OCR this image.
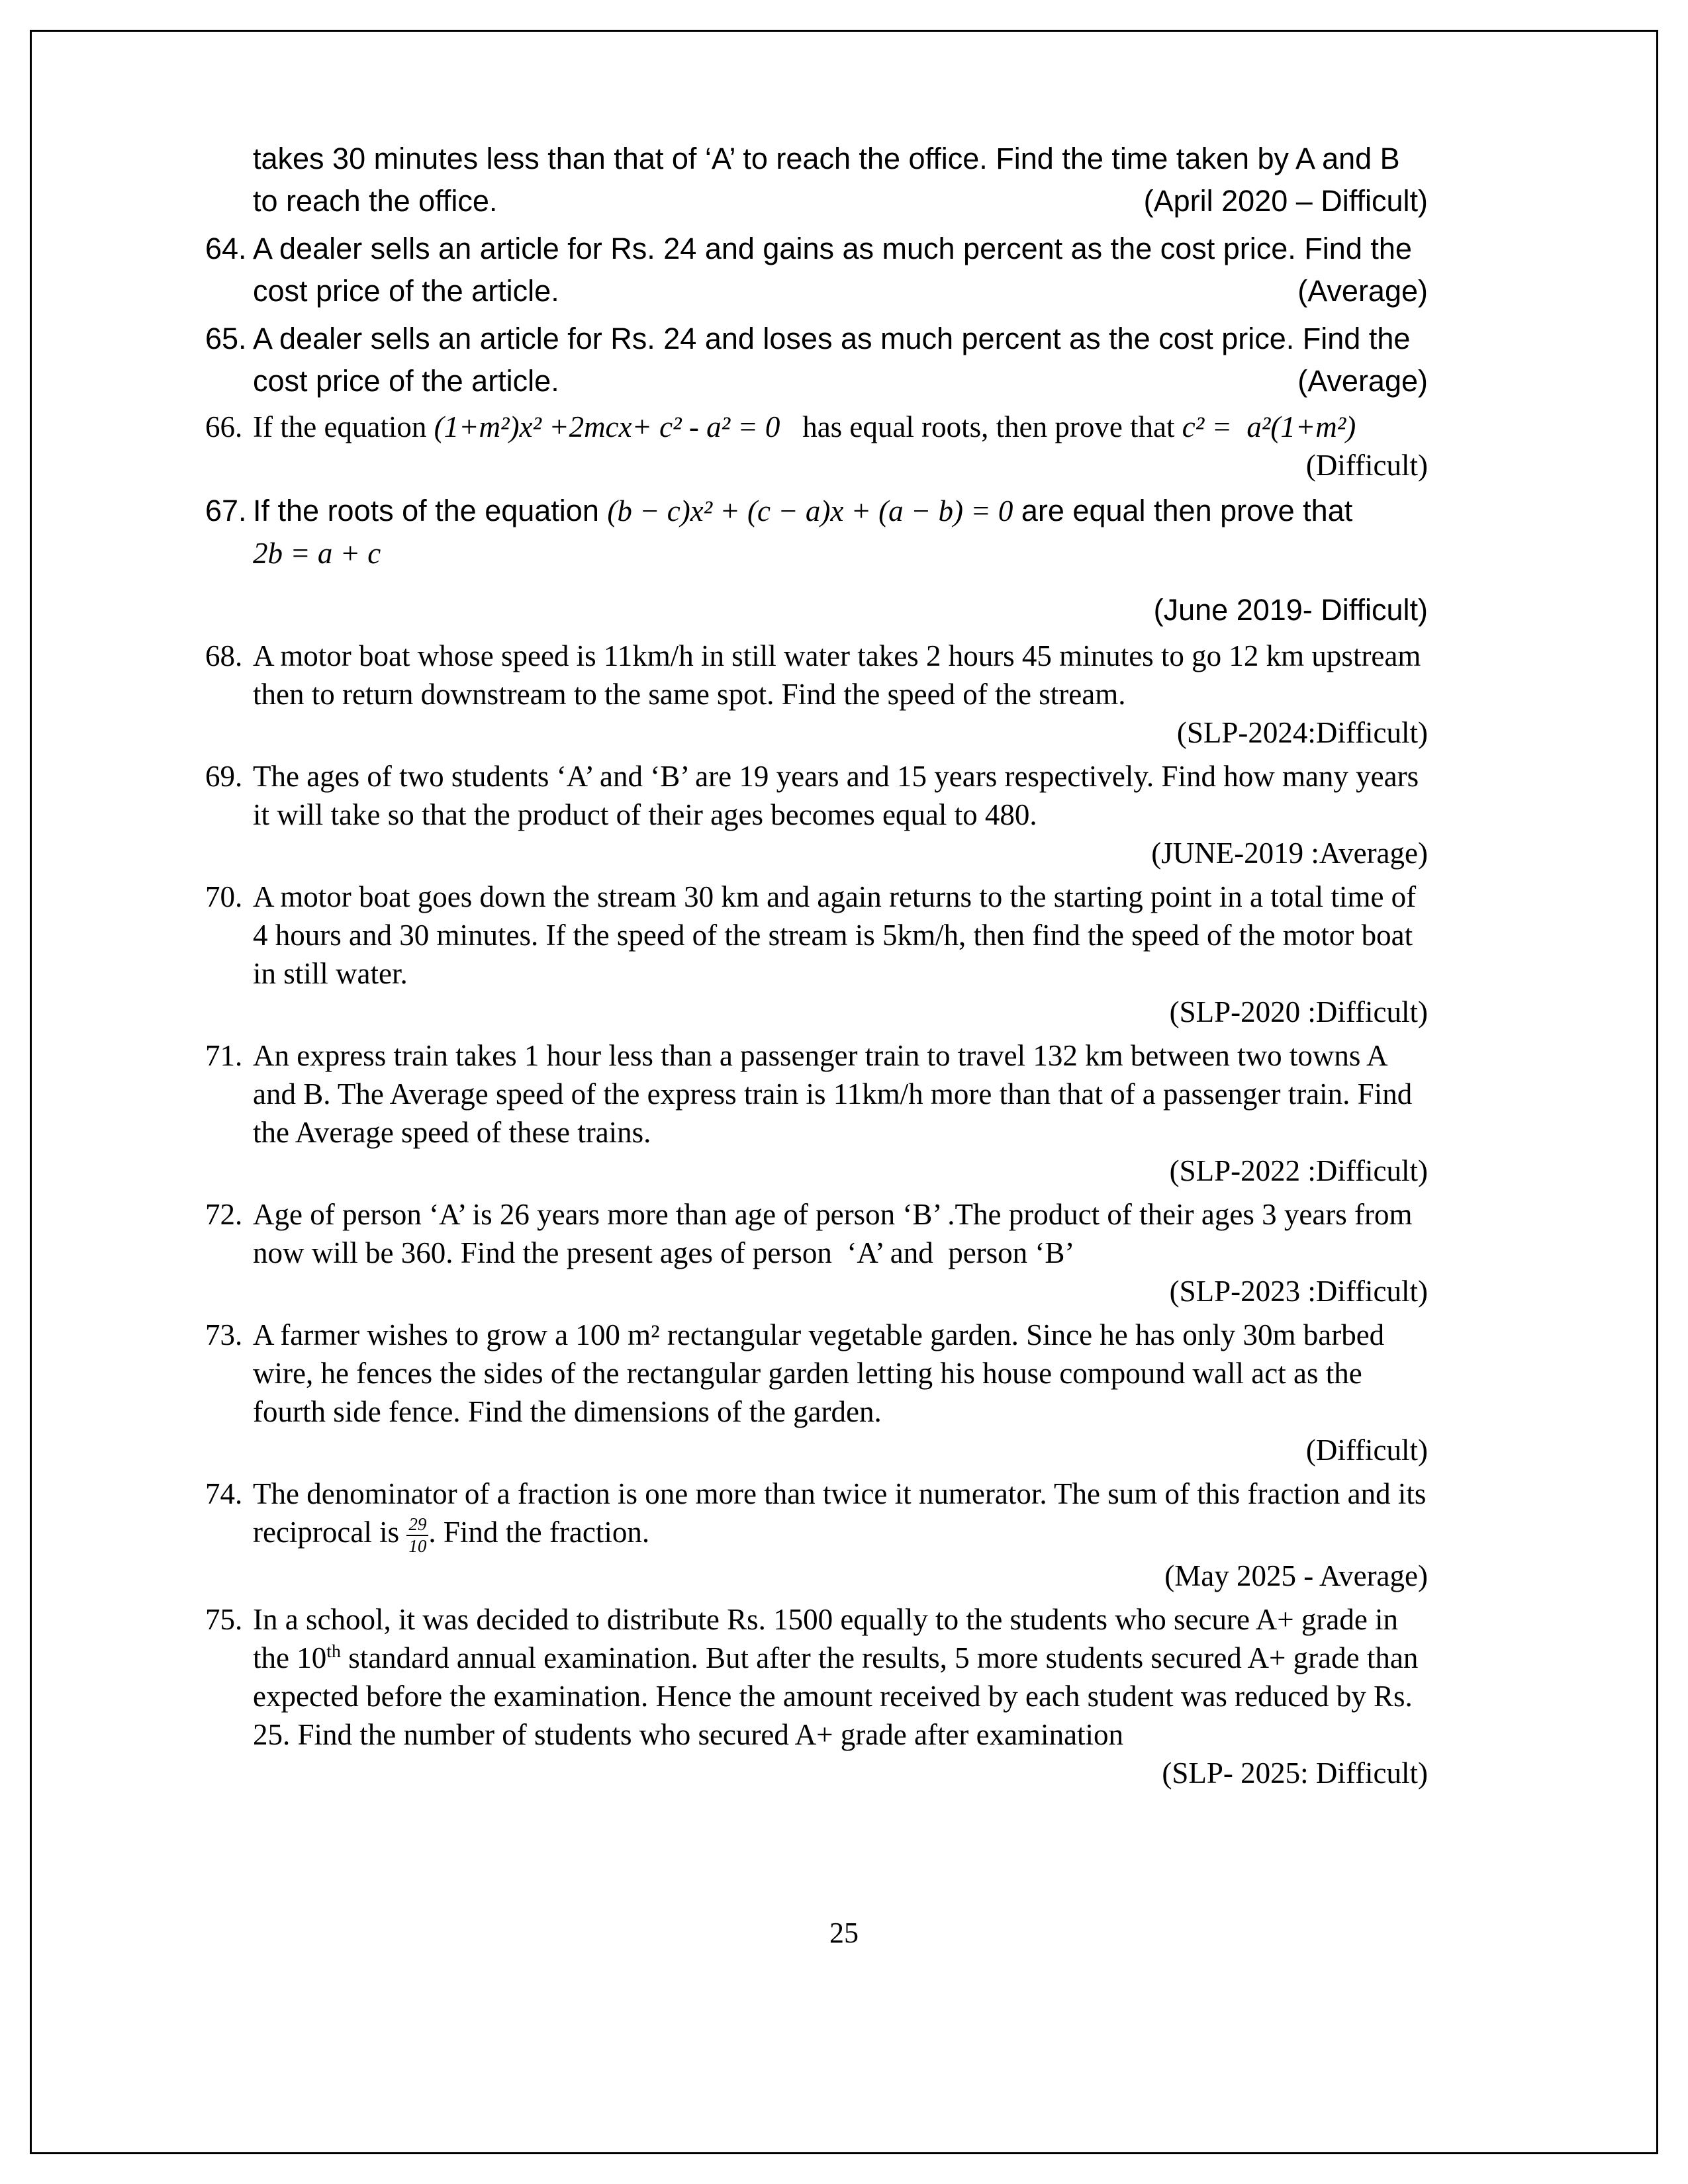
takes 30 minutes less than that of ‘A’ to reach the office. Find the time taken by A and B to reach the office.	(April 2020 – Difficult)
64. A dealer sells an article for Rs. 24 and gains as much percent as the cost price. Find the cost price of the article.	(Average)
65. A dealer sells an article for Rs. 24 and loses as much percent as the cost price. Find the cost price of the article.	(Average)
66. If the equation (1+m²)x² +2mcx+ c² - a² = 0   has equal roots, then prove that c² =  a²(1+m²)
(Difficult)
67. If the roots of the equation (b − c)x² + (c − a)x + (a − b) = 0 are equal then prove that
2b = a + c
(June 2019- Difficult)
68. A motor boat whose speed is 11km/h in still water takes 2 hours 45 minutes to go 12 km upstream then to return downstream to the same spot. Find the speed of the stream.
(SLP-2024:Difficult)
69. The ages of two students ‘A’ and ‘B’ are 19 years and 15 years respectively. Find how many years it will take so that the product of their ages becomes equal to 480.
(JUNE-2019 :Average)
70. A motor boat goes down the stream 30 km and again returns to the starting point in a total time of 4 hours and 30 minutes. If the speed of the stream is 5km/h, then find the speed of the motor boat in still water.
(SLP-2020 :Difficult)
71. An express train takes 1 hour less than a passenger train to travel 132 km between two towns A and B. The Average speed of the express train is 11km/h more than that of a passenger train. Find the Average speed of these trains.
(SLP-2022 :Difficult)
72. Age of person ‘A’ is 26 years more than age of person ‘B’ .The product of their ages 3 years from now will be 360. Find the present ages of person  ‘A’ and  person ‘B’
(SLP-2023 :Difficult)
73. A farmer wishes to grow a 100 m² rectangular vegetable garden. Since he has only 30m barbed wire, he fences the sides of the rectangular garden letting his house compound wall act as the fourth side fence. Find the dimensions of the garden.
(Difficult)
74. The denominator of a fraction is one more than twice it numerator. The sum of this fraction and its reciprocal is $\frac{29}{10}$ . Find the fraction.
(May 2025 - Average)
75. In a school, it was decided to distribute Rs. 1500 equally to the students who secure A+ grade in the 10th standard annual examination. But after the results, 5 more students secured A+ grade than expected before the examination. Hence the amount received by each student was reduced by Rs. 25. Find the number of students who secured A+ grade after examination
(SLP- 2025: Difficult)
25
